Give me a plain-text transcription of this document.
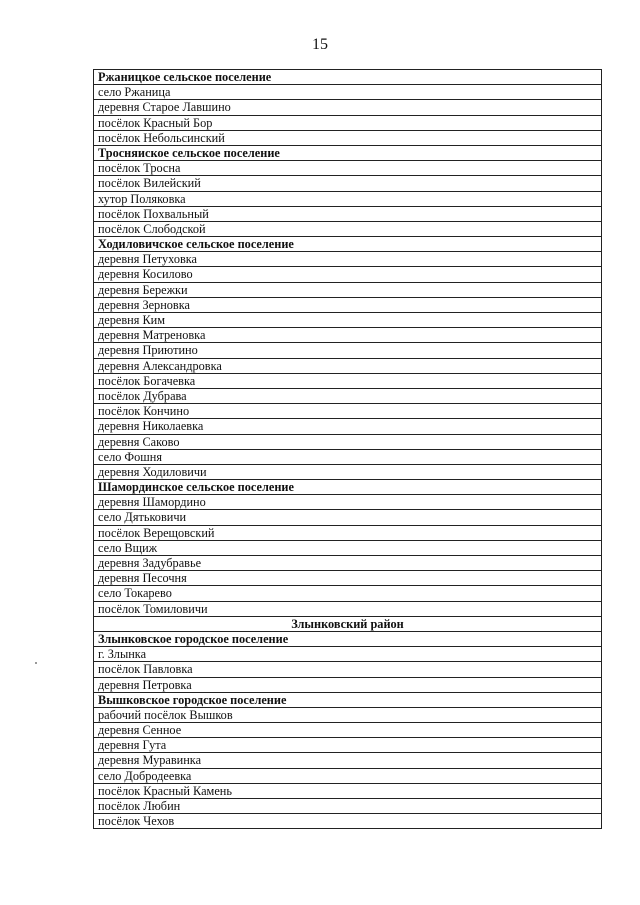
15
Ржаницкое сельское поселение
село Ржаница
деревня Старое Лавшино
посёлок Красный Бор
посёлок Небольсинский
Тросняиское сельское поселение
посёлок Тросна
посёлок Вилейский
хутор Поляковка
посёлок Пoxвальный
посёлок Слободской
Ходиловичское сельское поселение
деревня Петуховка
деревня Косилово
деревня Бережки
деревня Зерновка
деревня Ким
деревня Матреновка
деревня Приютино
деревня Александровка
посёлок Богачевка
посёлок Дубрава
посёлок Кончино
деревня Николаевка
деревня Саково
село Фошня
деревня Ходиловичи
Шамординское сельское поселение
деревня Шамордино
село Дятьковичи
посёлок Верещовский
село Вщиж
деревня Задубравье
деревня Песочня
село Токарево
посёлок Томиловичи
Злынковский район
Злынковское городское поселение
г. Злынка
посёлок Павловка
деревня Петровка
Вышковское городское поселение
рабочий посёлок Вышков
деревня Сенное
деревня Гута
деревня Муравинка
село Добродеевка
посёлок Красный Камень
посёлок Любин
посёлок Чехов
